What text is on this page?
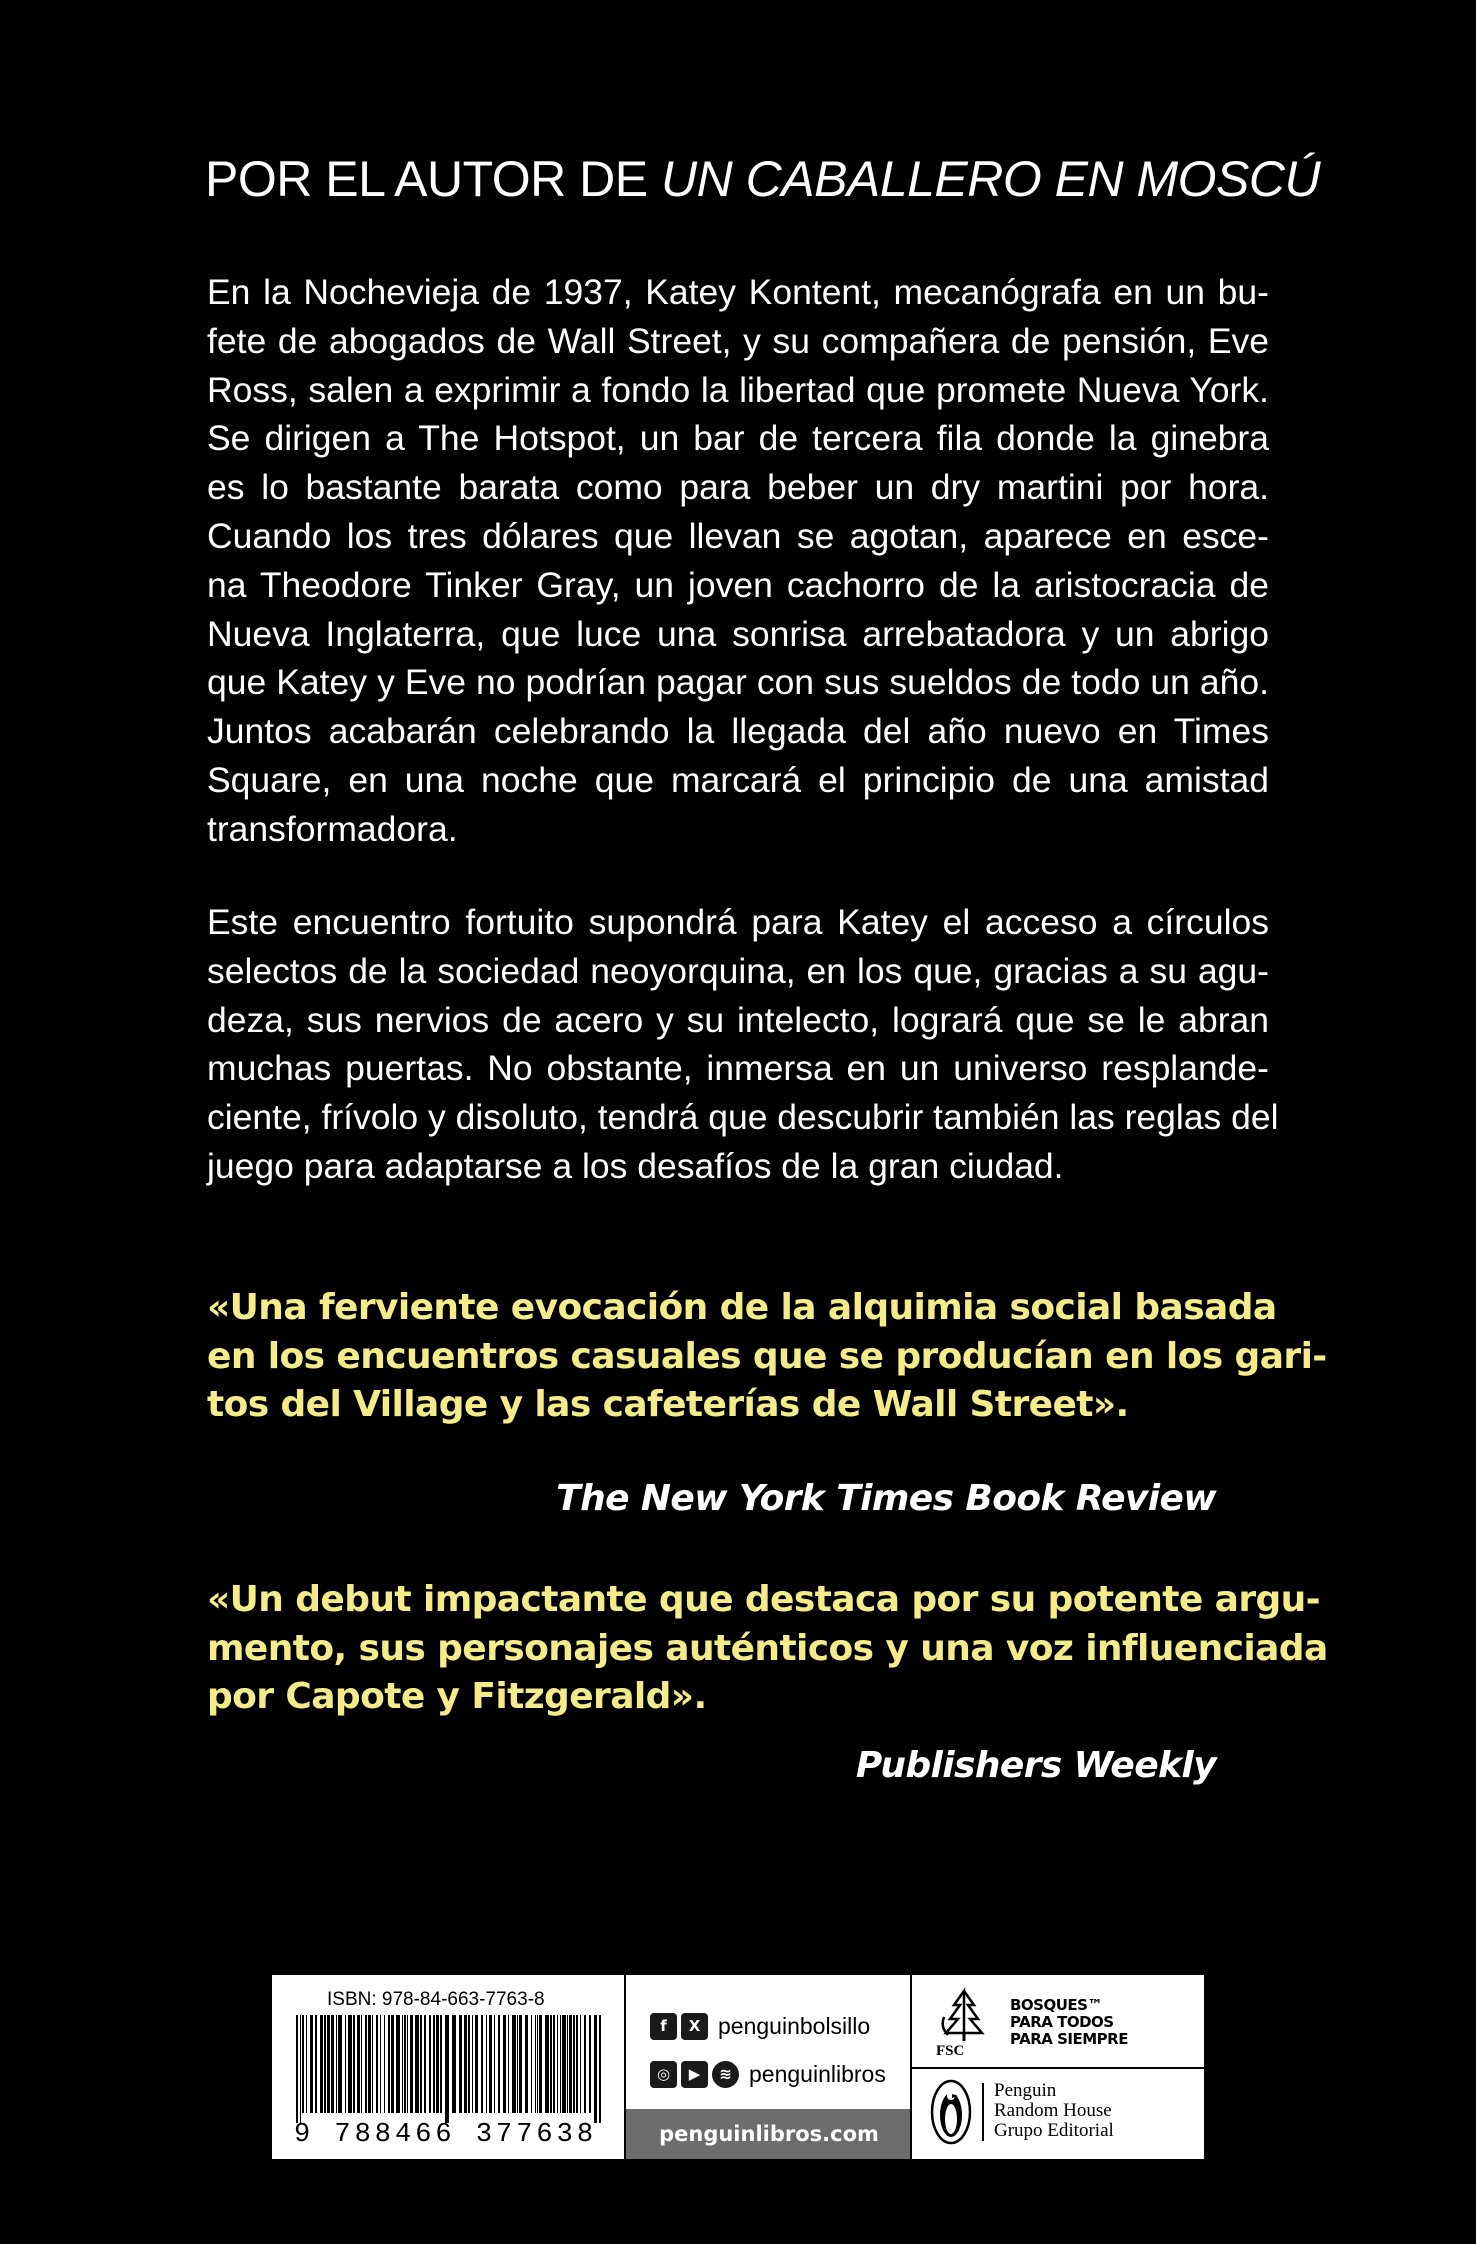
POR EL AUTOR DE UN CABALLERO EN MOSCÚ
En la Nochevieja de 1937, Katey Kontent, mecanógrafa en un bu-
fete de abogados de Wall Street, y su compañera de pensión, Eve
Ross, salen a exprimir a fondo la libertad que promete Nueva York.
Se dirigen a The Hotspot, un bar de tercera fila donde la ginebra
es lo bastante barata como para beber un dry martini por hora.
Cuando los tres dólares que llevan se agotan, aparece en esce-
na Theodore Tinker Gray, un joven cachorro de la aristocracia de
Nueva Inglaterra, que luce una sonrisa arrebatadora y un abrigo
que Katey y Eve no podrían pagar con sus sueldos de todo un año.
Juntos acabarán celebrando la llegada del año nuevo en Times
Square, en una noche que marcará el principio de una amistad
transformadora.
Este encuentro fortuito supondrá para Katey el acceso a círculos
selectos de la sociedad neoyorquina, en los que, gracias a su agu-
deza, sus nervios de acero y su intelecto, logrará que se le abran
muchas puertas. No obstante, inmersa en un universo resplande-
ciente, frívolo y disoluto, tendrá que descubrir también las reglas del
juego para adaptarse a los desafíos de la gran ciudad.
«Una ferviente evocación de la alquimia social basada
en los encuentros casuales que se producían en los gari-
tos del Village y las cafeterías de Wall Street».
The New York Times Book Review
«Un debut impactante que destaca por su potente argu-
mento, sus personajes auténticos y una voz influenciada
por Capote y Fitzgerald».
Publishers Weekly
ISBN: 978-84-663-7763-8
9 788466 377638
f	X penguinbolsillo
◎	▶	≋ penguinlibros
penguinlibros.com
FSC
BOSQUES™
PARA TODOS
PARA SIEMPRE
Penguin
Random House
Grupo Editorial
